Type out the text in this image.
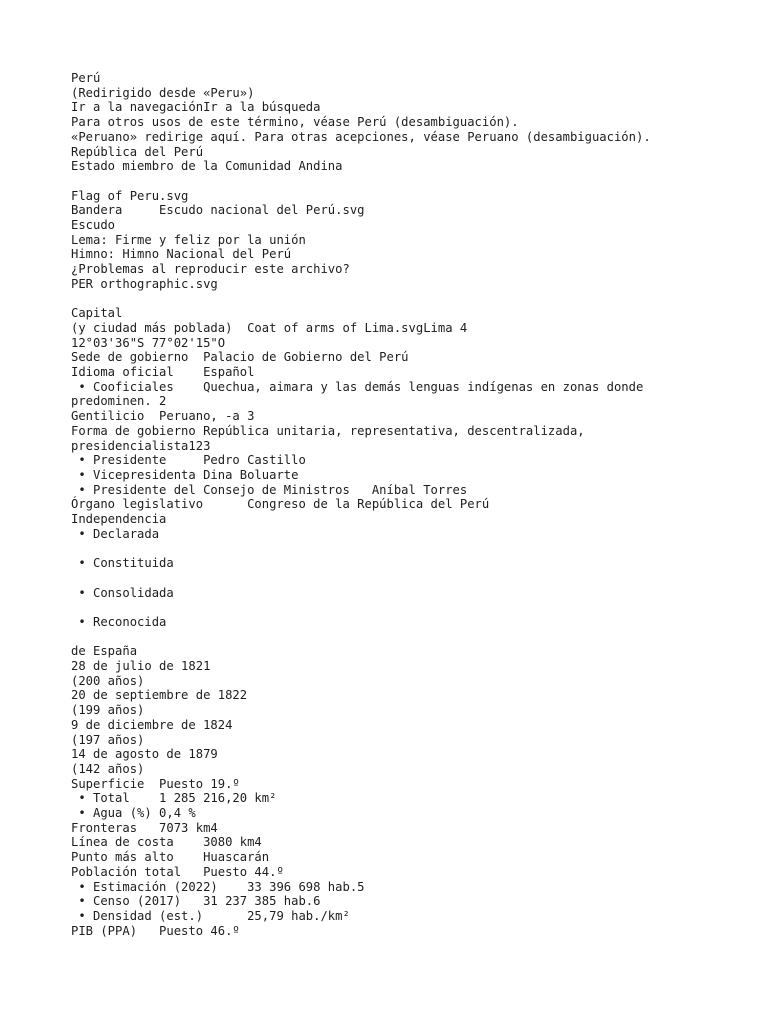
Perú
(Redirigido desde «Peru»)
Ir a la navegaciónIr a la búsqueda
Para otros usos de este término, véase Perú (desambiguación).
«Peruano» redirige aquí. Para otras acepciones, véase Peruano (desambiguación).
República del Perú
Estado miembro de la Comunidad Andina
Flag of Peru.svg
Bandera     Escudo nacional del Perú.svg
Escudo
Lema: Firme y feliz por la unión
Himno: Himno Nacional del Perú
¿Problemas al reproducir este archivo?
PER orthographic.svg
Capital
(y ciudad más poblada)  Coat of arms of Lima.svgLima 4
12°03'36"S 77°02'15"O
Sede de gobierno  Palacio de Gobierno del Perú
Idioma oficial    Español
• Cooficiales    Quechua, aimara y las demás lenguas indígenas en zonas donde
predominen. 2
Gentilicio  Peruano, -a 3
Forma de gobierno República unitaria, representativa, descentralizada,
presidencialista123
• Presidente     Pedro Castillo
• Vicepresidenta Dina Boluarte
• Presidente del Consejo de Ministros   Aníbal Torres
Órgano legislativo      Congreso de la República del Perú
Independencia
• Declarada
• Constituida
• Consolidada
• Reconocida
de España
28 de julio de 1821
(200 años)
20 de septiembre de 1822
(199 años)
9 de diciembre de 1824
(197 años)
14 de agosto de 1879
(142 años)
Superficie  Puesto 19.º
• Total    1 285 216,20 km²
• Agua (%) 0,4 %
Fronteras   7073 km4
Línea de costa    3080 km4
Punto más alto    Huascarán
Población total   Puesto 44.º
• Estimación (2022)    33 396 698 hab.5
• Censo (2017)   31 237 385 hab.6
• Densidad (est.)      25,79 hab./km²
PIB (PPA)   Puesto 46.º
